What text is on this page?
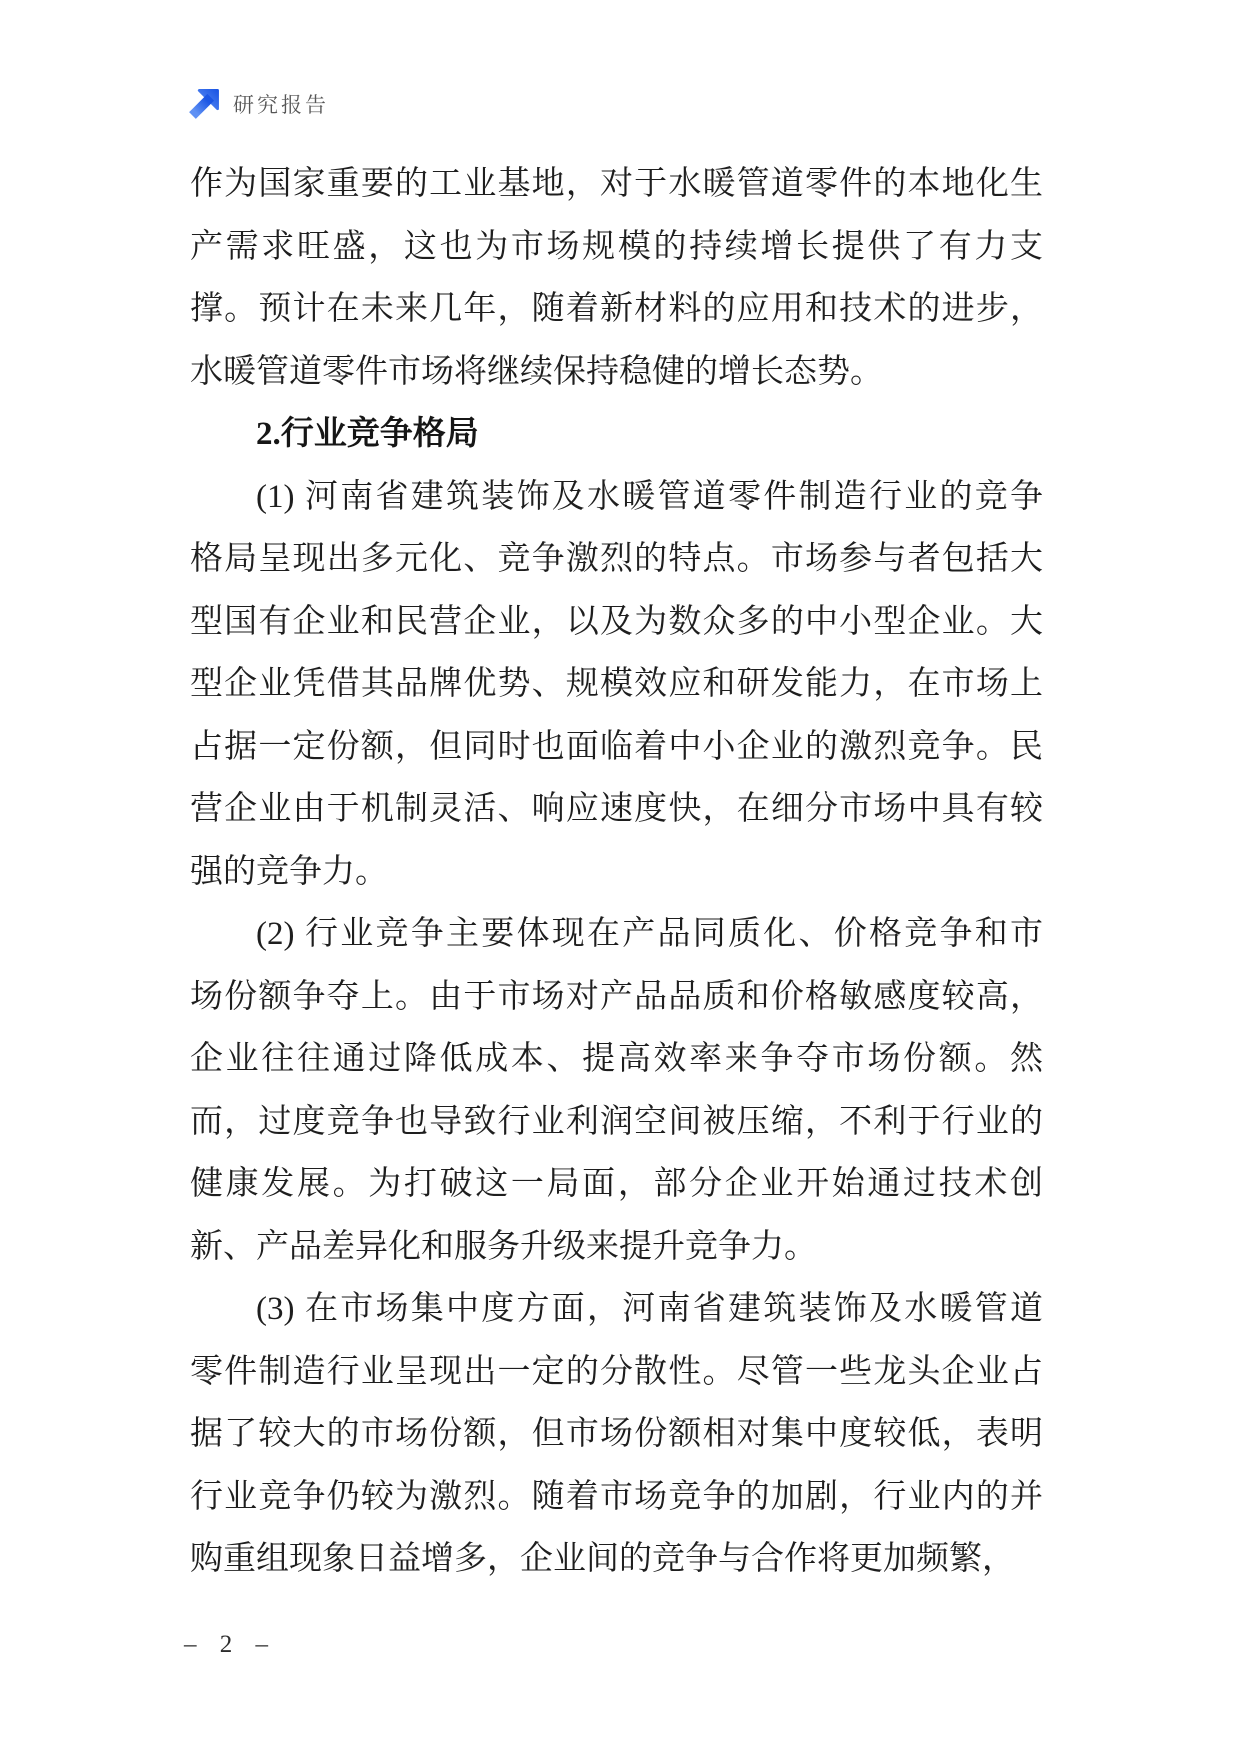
研究报告
作为国家重要的工业基地，对于水暖管道零件的本地化生
产需求旺盛，这也为市场规模的持续增长提供了有力支
撑。预计在未来几年，随着新材料的应用和技术的进步，
水暖管道零件市场将继续保持稳健的增长态势。
2.行业竞争格局
(1) 河南省建筑装饰及水暖管道零件制造行业的竞争
格局呈现出多元化、竞争激烈的特点。市场参与者包括大
型国有企业和民营企业，以及为数众多的中小型企业。大
型企业凭借其品牌优势、规模效应和研发能力，在市场上
占据一定份额，但同时也面临着中小企业的激烈竞争。民
营企业由于机制灵活、响应速度快，在细分市场中具有较
强的竞争力。
(2) 行业竞争主要体现在产品同质化、价格竞争和市
场份额争夺上。由于市场对产品品质和价格敏感度较高，
企业往往通过降低成本、提高效率来争夺市场份额。然
而，过度竞争也导致行业利润空间被压缩，不利于行业的
健康发展。为打破这一局面，部分企业开始通过技术创
新、产品差异化和服务升级来提升竞争力。
(3) 在市场集中度方面，河南省建筑装饰及水暖管道
零件制造行业呈现出一定的分散性。尽管一些龙头企业占
据了较大的市场份额，但市场份额相对集中度较低，表明
行业竞争仍较为激烈。随着市场竞争的加剧，行业内的并
购重组现象日益增多，企业间的竞争与合作将更加频繁，
– 2 –
